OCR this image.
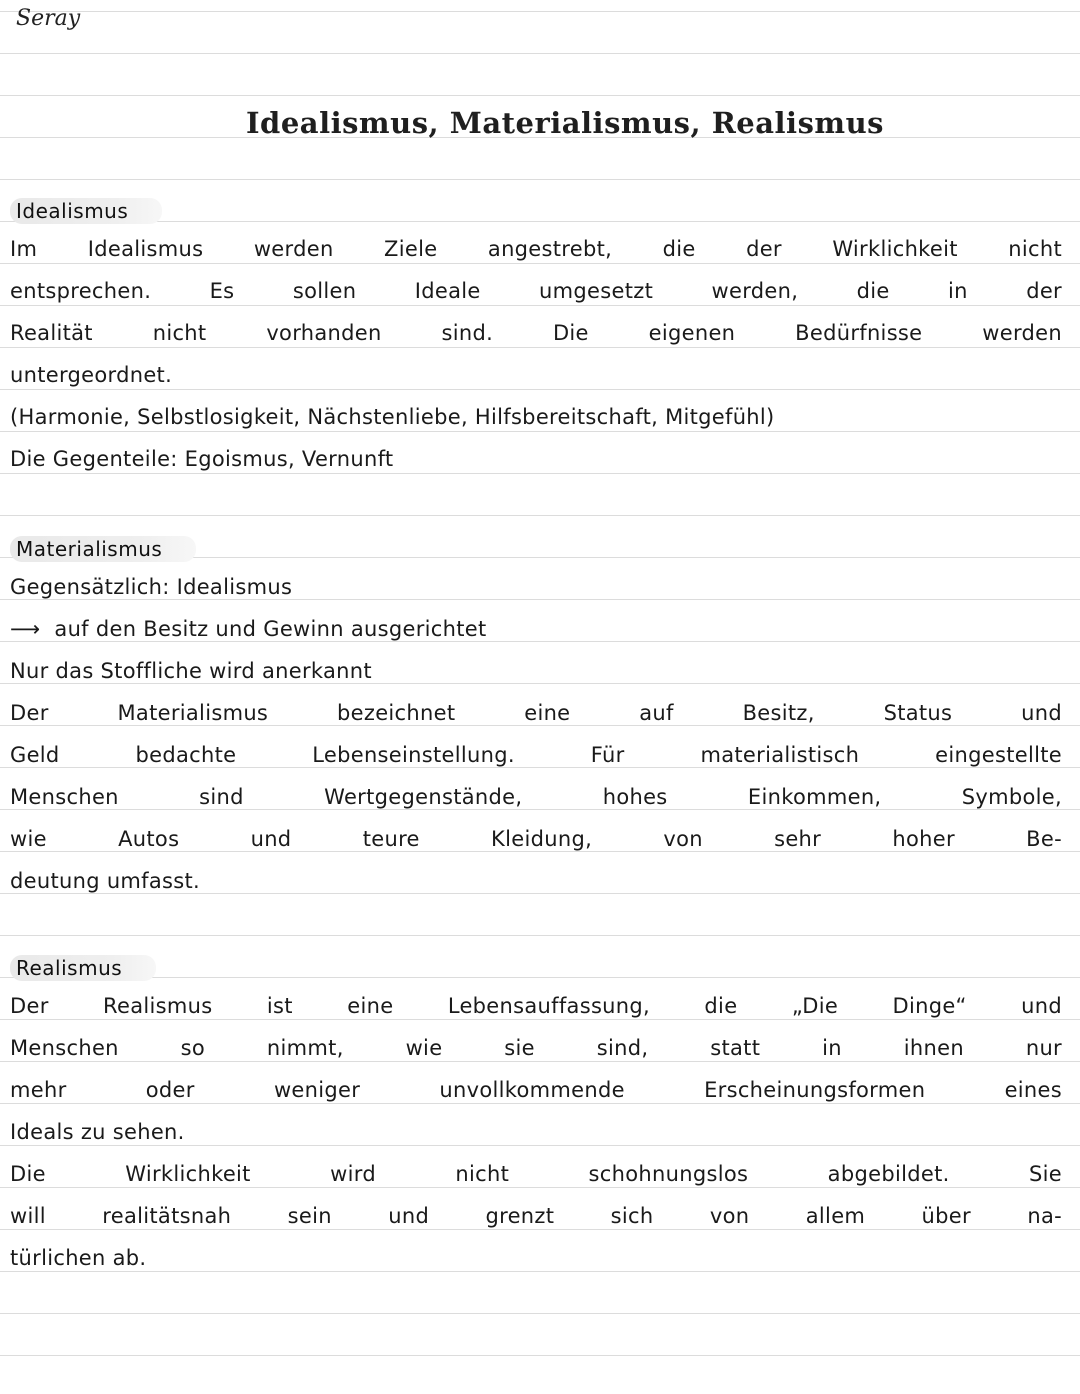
Seray
Idealismus, Materialismus, Realismus
Idealismus
Im Idealismus werden Ziele angestrebt, die der Wirklichkeit nicht
entsprechen. Es sollen Ideale umgesetzt werden, die in der
Realität nicht vorhanden sind. Die eigenen Bedürfnisse werden
untergeordnet.
(Harmonie, Selbstlosigkeit, Nächstenliebe, Hilfsbereitschaft, Mitgefühl)
Die Gegenteile: Egoismus, Vernunft
Materialismus
Gegensätzlich: Idealismus
⟶ auf den Besitz und Gewinn ausgerichtet
Nur das Stoffliche wird anerkannt
Der Materialismus bezeichnet eine auf Besitz, Status und
Geld bedachte Lebenseinstellung. Für materialistisch eingestellte
Menschen sind Wertgegenstände, hohes Einkommen, Symbole,
wie Autos und teure Kleidung, von sehr hoher Be-
deutung umfasst.
Realismus
Der Realismus ist eine Lebensauffassung, die „Die Dinge“ und
Menschen so nimmt, wie sie sind, statt in ihnen nur
mehr oder weniger unvollkommende Erscheinungsformen eines
Ideals zu sehen.
Die Wirklichkeit wird nicht schohnungslos abgebildet. Sie
will realitätsnah sein und grenzt sich von allem über na-
türlichen ab.
